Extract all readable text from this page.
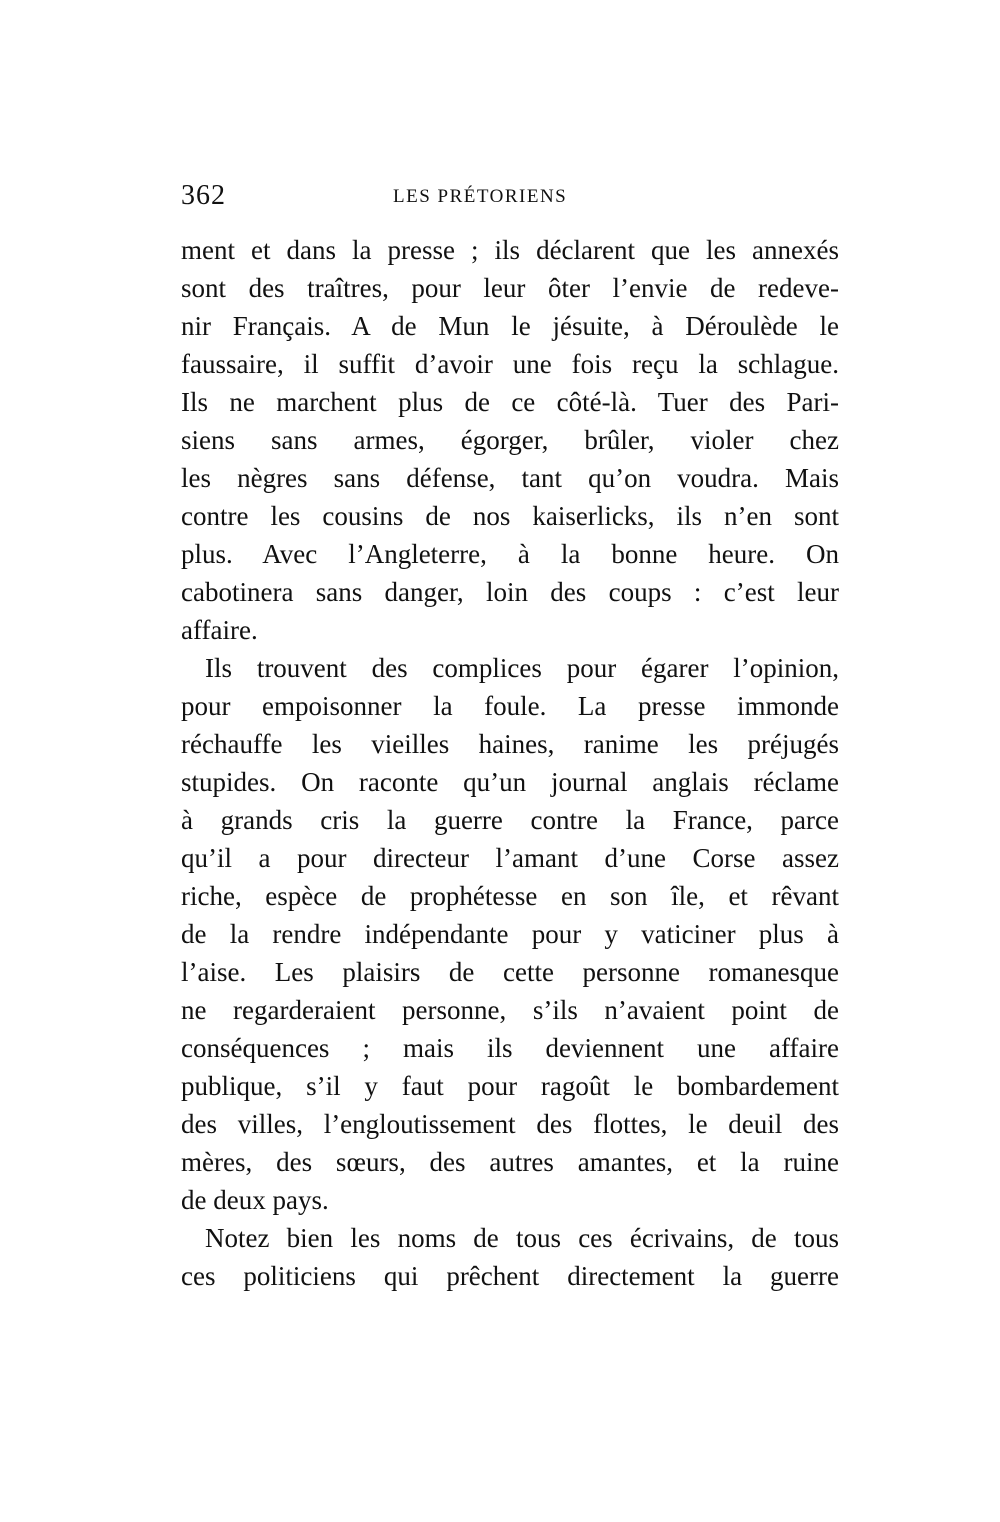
362	LES PRÉTORIENS
ment et dans la presse ; ils déclarent que les annexés
sont des traîtres, pour leur ôter l’envie de redeve-
nir Français. A de Mun le jésuite, à Déroulède le
faussaire, il suffit d’avoir une fois reçu la schlague.
Ils ne marchent plus de ce côté-là. Tuer des Pari-
siens sans armes, égorger, brûler, violer chez
les nègres sans défense, tant qu’on voudra. Mais
contre les cousins de nos kaiserlicks, ils n’en sont
plus. Avec l’Angleterre, à la bonne heure. On
cabotinera sans danger, loin des coups : c’est leur
affaire.
Ils trouvent des complices pour égarer l’opinion,
pour empoisonner la foule. La presse immonde
réchauffe les vieilles haines, ranime les préjugés
stupides. On raconte qu’un journal anglais réclame
à grands cris la guerre contre la France, parce
qu’il a pour directeur l’amant d’une Corse assez
riche, espèce de prophétesse en son île, et rêvant
de la rendre indépendante pour y vaticiner plus à
l’aise. Les plaisirs de cette personne romanesque
ne regarderaient personne, s’ils n’avaient point de
conséquences ; mais ils deviennent une affaire
publique, s’il y faut pour ragoût le bombardement
des villes, l’engloutissement des flottes, le deuil des
mères, des sœurs, des autres amantes, et la ruine
de deux pays.
Notez bien les noms de tous ces écrivains, de tous
ces politiciens qui prêchent directement la guerre
